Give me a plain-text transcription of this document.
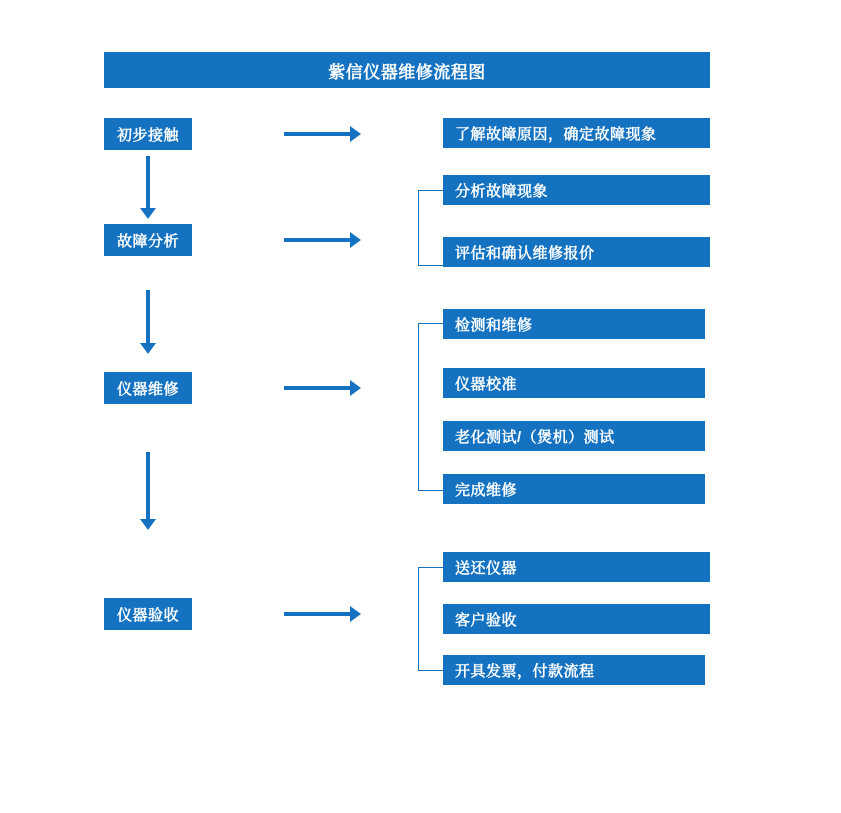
紫信仪器维修流程图
初步接触	了解故障原因，确定故障现象
故障分析
分析故障现象
评估和确认维修报价
仪器维修
检测和维修
仪器校准
老化测试/（煲机）测试
完成维修
仪器验收
送还仪器
客户验收
开具发票，付款流程
